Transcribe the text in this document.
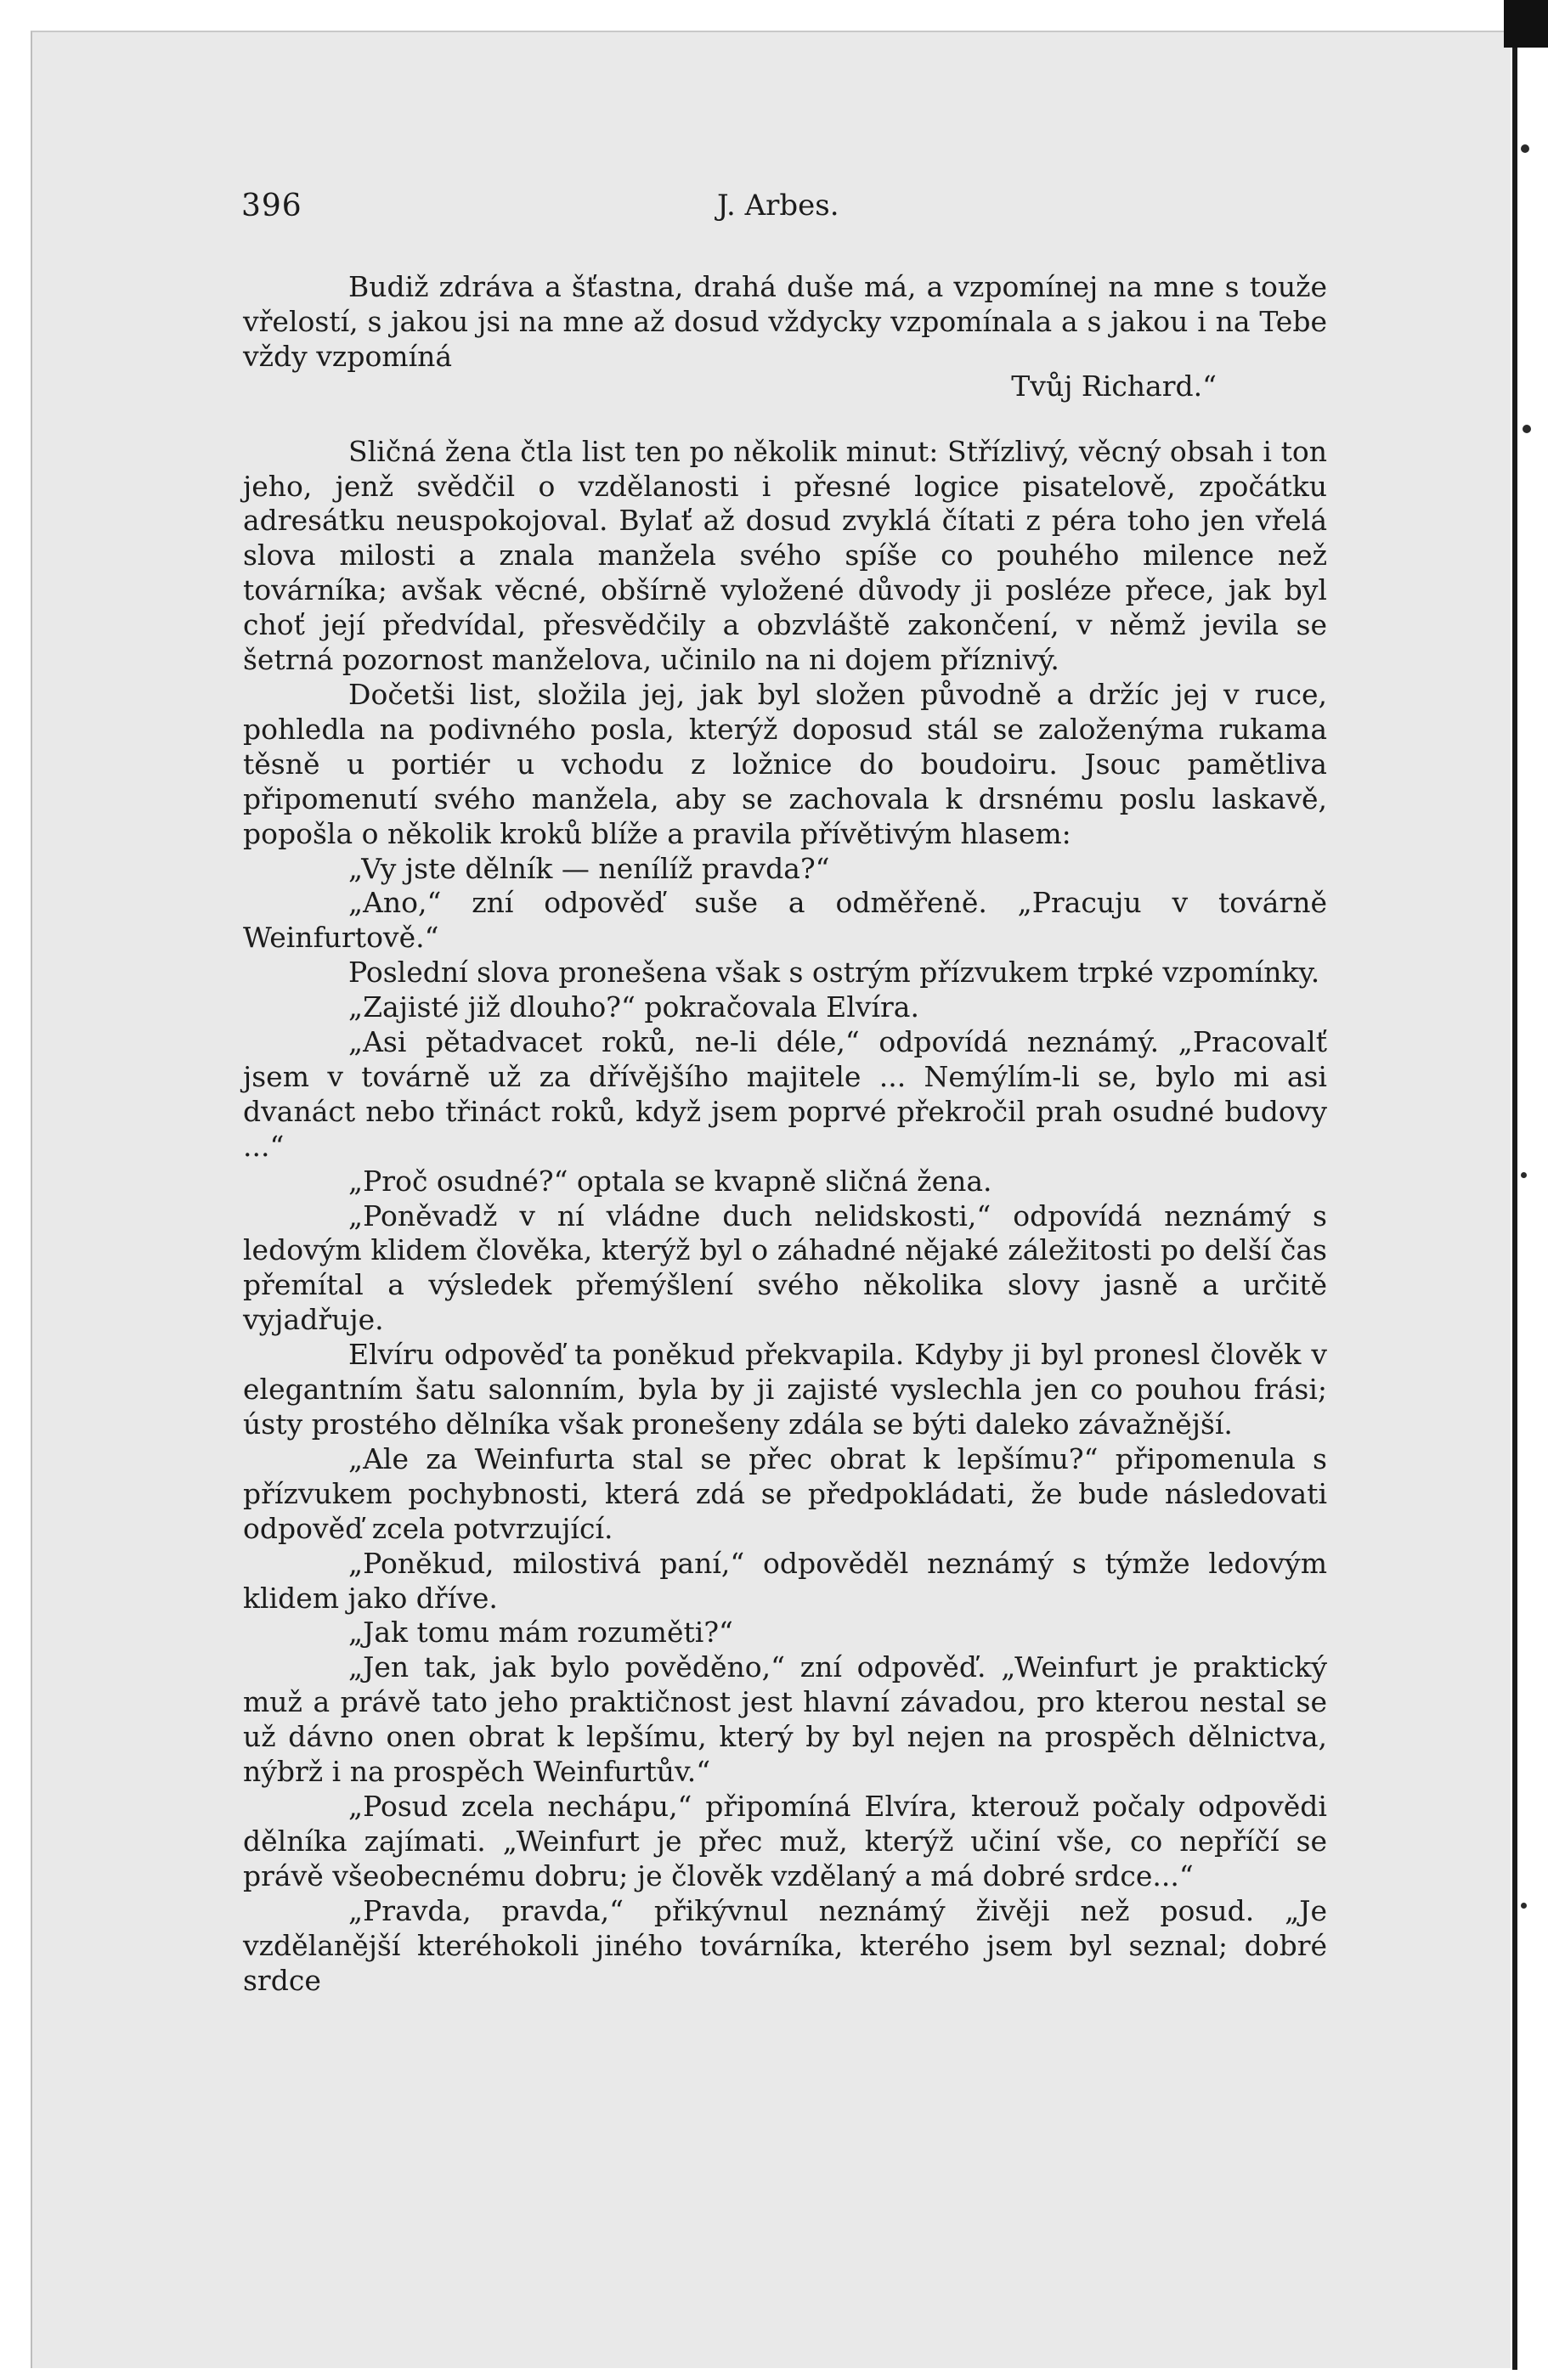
396	J. Arbes.

Budiž zdráva a šťastna, drahá duše má, a vzpomínej na mne s touže vřelostí, s jakou jsi na mne až dosud vždycky vzpomínala a s jakou i na Tebe vždy vzpomíná

Tvůj Richard.“

Sličná žena čtla list ten po několik minut: Střízlivý, věcný obsah i ton jeho, jenž svědčil o vzdělanosti i přesné logice pisatelově, zpočátku adresátku neuspokojoval. Bylať až dosud zvyklá čítati z péra toho jen vřelá slova milosti a znala manžela svého spíše co pouhého milence než továrníka; avšak věcné, obšírně vyložené důvody ji posléze přece, jak byl choť její předvídal, přesvědčily a obzvláště zakončení, v němž jevila se šetrná pozornost manželova, učinilo na ni dojem příznivý.

Dočetši list, složila jej, jak byl složen původně a držíc jej v ruce, pohledla na podivného posla, kterýž doposud stál se založenýma rukama těsně u portiér u vchodu z ložnice do boudoiru. Jsouc pamětliva připomenutí svého manžela, aby se zachovala k drsnému poslu laskavě, popošla o několik kroků blíže a pravila přívětivým hlasem:

„Vy jste dělník — nenílíž pravda?“

„Ano,“ zní odpověď suše a odměřeně. „Pracuju v továrně Weinfurtově.“

Poslední slova pronešena však s ostrým přízvukem trpké vzpomínky.

„Zajisté již dlouho?“ pokračovala Elvíra.

„Asi pětadvacet roků, ne-li déle,“ odpovídá neznámý. „Pracovalť jsem v továrně už za dřívějšího majitele ... Nemýlím-li se, bylo mi asi dvanáct nebo třináct roků, když jsem poprvé překročil prah osudné budovy ...“

„Proč osudné?“ optala se kvapně sličná žena.

„Poněvadž v ní vládne duch nelidskosti,“ odpovídá neznámý s ledovým klidem člověka, kterýž byl o záhadné nějaké záležitosti po delší čas přemítal a výsledek přemýšlení svého několika slovy jasně a určitě vyjadřuje.

Elvíru odpověď ta poněkud překvapila. Kdyby ji byl pronesl člověk v elegantním šatu salonním, byla by ji zajisté vyslechla jen co pouhou frási; ústy prostého dělníka však pronešeny zdála se býti daleko závažnější.

„Ale za Weinfurta stal se přec obrat k lepšímu?“ připomenula s přízvukem pochybnosti, která zdá se předpokládati, že bude následovati odpověď zcela potvrzující.

„Poněkud, milostivá paní,“ odpověděl neznámý s týmže ledovým klidem jako dříve.

„Jak tomu mám rozuměti?“

„Jen tak, jak bylo pověděno,“ zní odpověď. „Weinfurt je praktický muž a právě tato jeho praktičnost jest hlavní závadou, pro kterou nestal se už dávno onen obrat k lepšímu, který by byl nejen na prospěch dělnictva, nýbrž i na prospěch Weinfurtův.“

„Posud zcela nechápu,“ připomíná Elvíra, kterouž počaly odpovědi dělníka zajímati. „Weinfurt je přec muž, kterýž učiní vše, co nepříčí se právě všeobecnému dobru; je člověk vzdělaný a má dobré srdce...“

„Pravda, pravda,“ přikývnul neznámý živěji než posud. „Je vzdělanější kteréhokoli jiného továrníka, kterého jsem byl seznal; dobré srdce
